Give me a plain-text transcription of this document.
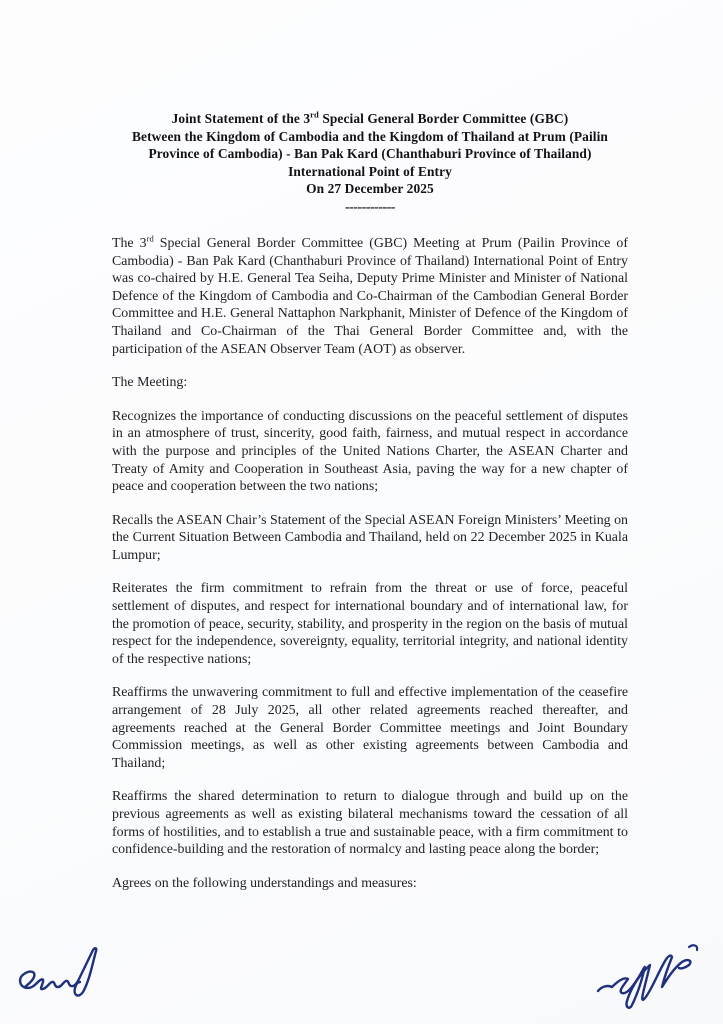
Joint Statement of the 3rd Special General Border Committee (GBC)
Between the Kingdom of Cambodia and the Kingdom of Thailand at Prum (Pailin
Province of Cambodia) - Ban Pak Kard (Chanthaburi Province of Thailand)
International Point of Entry
On 27 December 2025
------------

The 3rd Special General Border Committee (GBC) Meeting at Prum (Pailin Province of Cambodia) - Ban Pak Kard (Chanthaburi Province of Thailand) International Point of Entry was co-chaired by H.E. General Tea Seiha, Deputy Prime Minister and Minister of National Defence of the Kingdom of Cambodia and Co-Chairman of the Cambodian General Border Committee and H.E. General Nattaphon Narkphanit, Minister of Defence of the Kingdom of Thailand and Co-Chairman of the Thai General Border Committee and, with the participation of the ASEAN Observer Team (AOT) as observer.

The Meeting:

Recognizes the importance of conducting discussions on the peaceful settlement of disputes in an atmosphere of trust, sincerity, good faith, fairness, and mutual respect in accordance with the purpose and principles of the United Nations Charter, the ASEAN Charter and Treaty of Amity and Cooperation in Southeast Asia, paving the way for a new chapter of peace and cooperation between the two nations;

Recalls the ASEAN Chair’s Statement of the Special ASEAN Foreign Ministers’ Meeting on the Current Situation Between Cambodia and Thailand, held on 22 December 2025 in Kuala Lumpur;

Reiterates the firm commitment to refrain from the threat or use of force, peaceful settlement of disputes, and respect for international boundary and of international law, for the promotion of peace, security, stability, and prosperity in the region on the basis of mutual respect for the independence, sovereignty, equality, territorial integrity, and national identity of the respective nations;

Reaffirms the unwavering commitment to full and effective implementation of the ceasefire arrangement of 28 July 2025, all other related agreements reached thereafter, and agreements reached at the General Border Committee meetings and Joint Boundary Commission meetings, as well as other existing agreements between Cambodia and Thailand;

Reaffirms the shared determination to return to dialogue through and build up on the previous agreements as well as existing bilateral mechanisms toward the cessation of all forms of hostilities, and to establish a true and sustainable peace, with a firm commitment to confidence-building and the restoration of normalcy and lasting peace along the border;

Agrees on the following understandings and measures:
